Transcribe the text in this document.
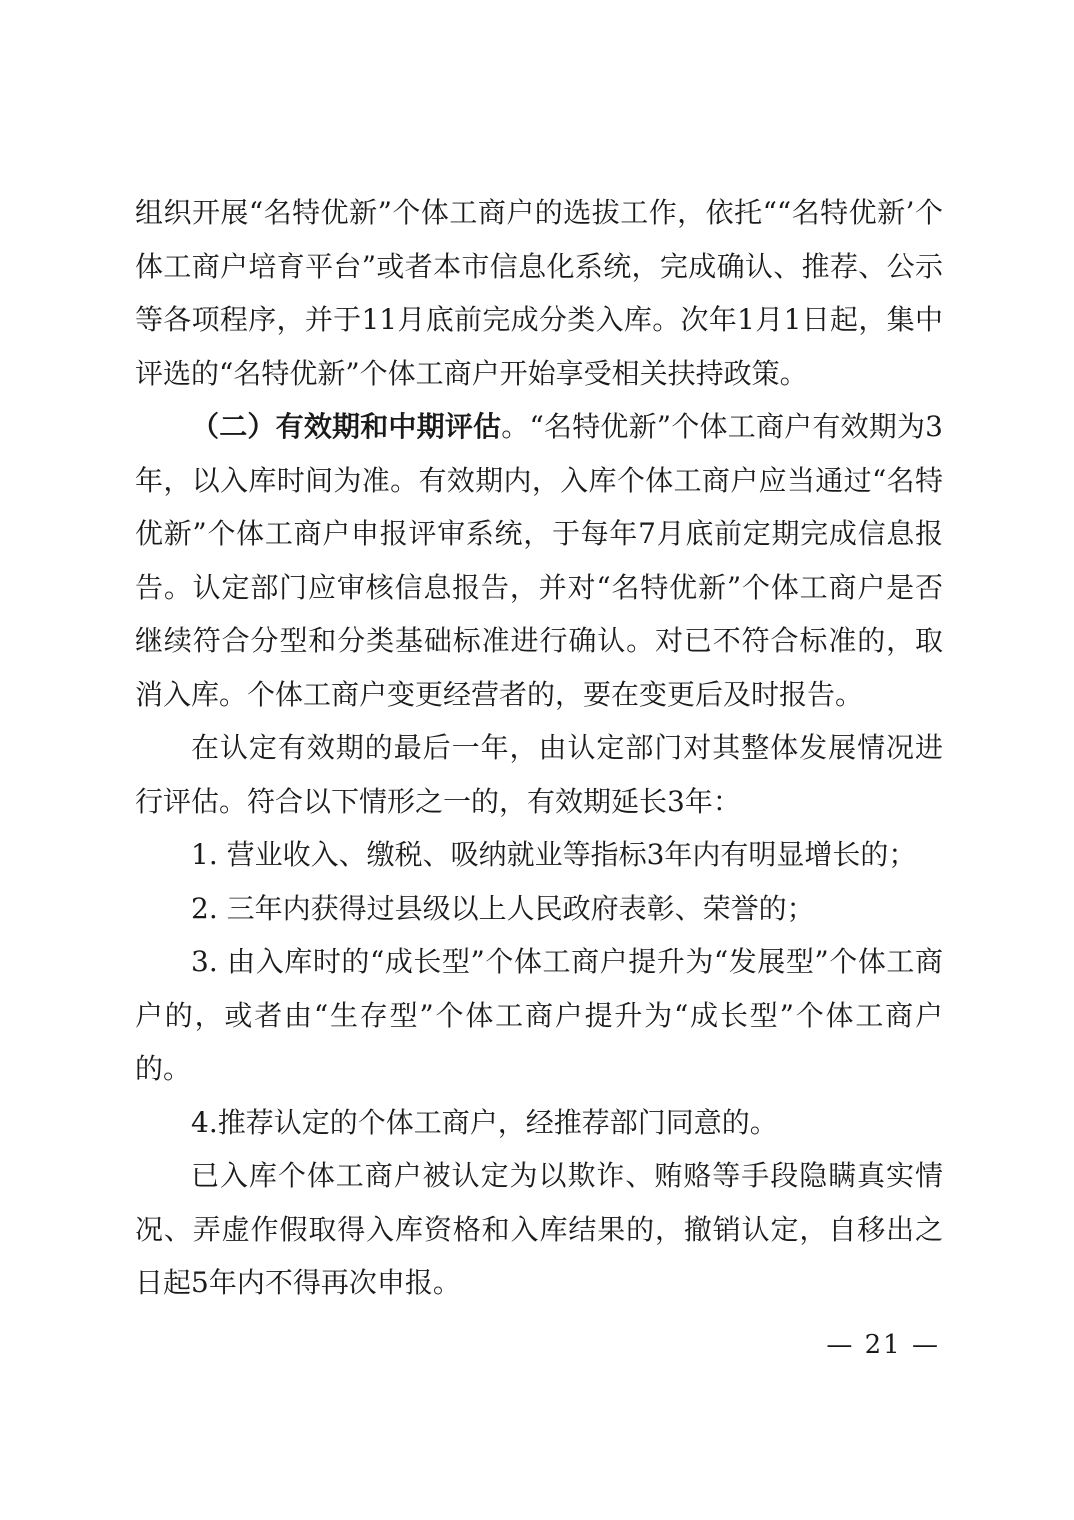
组织开展“名特优新”个体工商户的选拔工作，依托““名特优新’个体工商户培育平台”或者本市信息化系统，完成确认、推荐、公示等各项程序，并于11月底前完成分类入库。次年1月1日起，集中评选的“名特优新”个体工商户开始享受相关扶持政策。

（二）有效期和中期评估。“名特优新”个体工商户有效期为3年，以入库时间为准。有效期内，入库个体工商户应当通过“名特优新”个体工商户申报评审系统，于每年7月底前定期完成信息报告。认定部门应审核信息报告，并对“名特优新”个体工商户是否继续符合分型和分类基础标准进行确认。对已不符合标准的，取消入库。个体工商户变更经营者的，要在变更后及时报告。

在认定有效期的最后一年，由认定部门对其整体发展情况进行评估。符合以下情形之一的，有效期延长3年：

1. 营业收入、缴税、吸纳就业等指标3年内有明显增长的；

2. 三年内获得过县级以上人民政府表彰、荣誉的；

3. 由入库时的“成长型”个体工商户提升为“发展型”个体工商户的，或者由“生存型”个体工商户提升为“成长型”个体工商户的。

4.推荐认定的个体工商户，经推荐部门同意的。

已入库个体工商户被认定为以欺诈、贿赂等手段隐瞒真实情况、弄虚作假取得入库资格和入库结果的，撤销认定，自移出之日起5年内不得再次申报。

— 21 —
